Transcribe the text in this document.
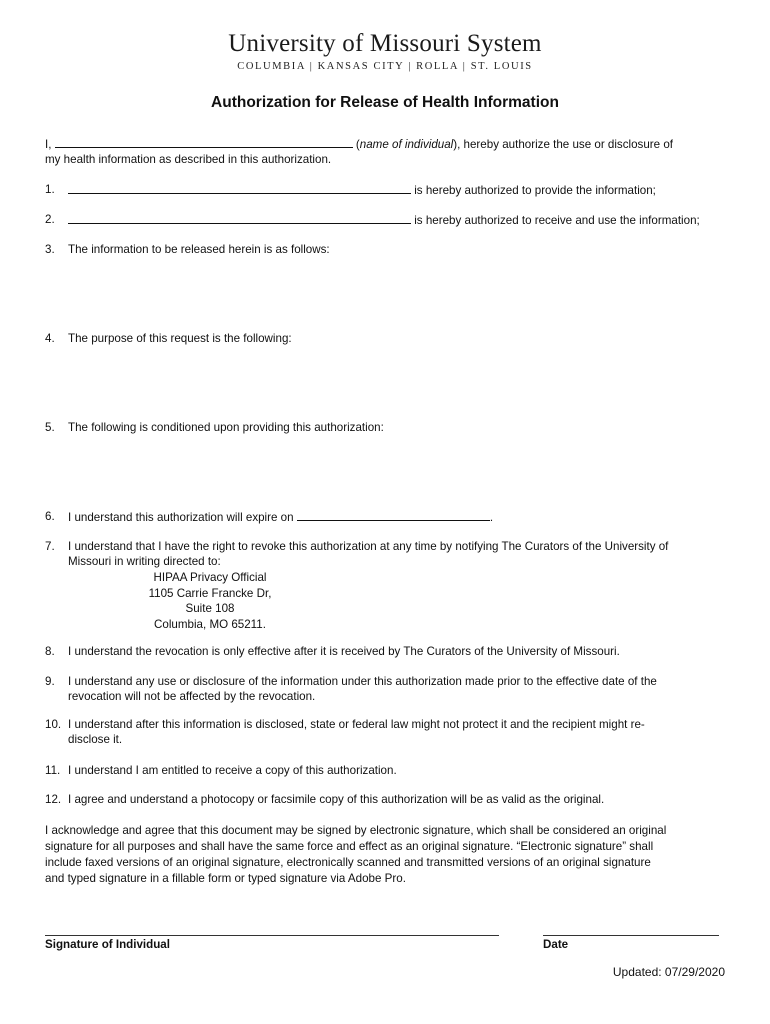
University of Missouri System
COLUMBIA | KANSAS CITY | ROLLA | ST. LOUIS
Authorization for Release of Health Information
I,	(name of individual), hereby authorize the use or disclosure of
my health information as described in this authorization.
1.	is hereby authorized to provide the information;
2.	is hereby authorized to receive and use the information;
3. The information to be released herein is as follows:
4. The purpose of this request is the following:
5. The following is conditioned upon providing this authorization:
6. I understand this authorization will expire on	.
7. I understand that I have the right to revoke this authorization at any time by notifying The Curators of the University of
Missouri in writing directed to:
HIPAA Privacy Official
1105 Carrie Francke Dr,
Suite 108
Columbia, MO 65211.
8. I understand the revocation is only effective after it is received by The Curators of the University of Missouri.
9. I understand any use or disclosure of the information under this authorization made prior to the effective date of the
revocation will not be affected by the revocation.
10. I understand after this information is disclosed, state or federal law might not protect it and the recipient might re-
disclose it.
11. I understand I am entitled to receive a copy of this authorization.
12. I agree and understand a photocopy or facsimile copy of this authorization will be as valid as the original.
I acknowledge and agree that this document may be signed by electronic signature, which shall be considered an original
signature for all purposes and shall have the same force and effect as an original signature. “Electronic signature” shall
include faxed versions of an original signature, electronically scanned and transmitted versions of an original signature
and typed signature in a fillable form or typed signature via Adobe Pro.
Signature of Individual	Date
Updated: 07/29/2020
